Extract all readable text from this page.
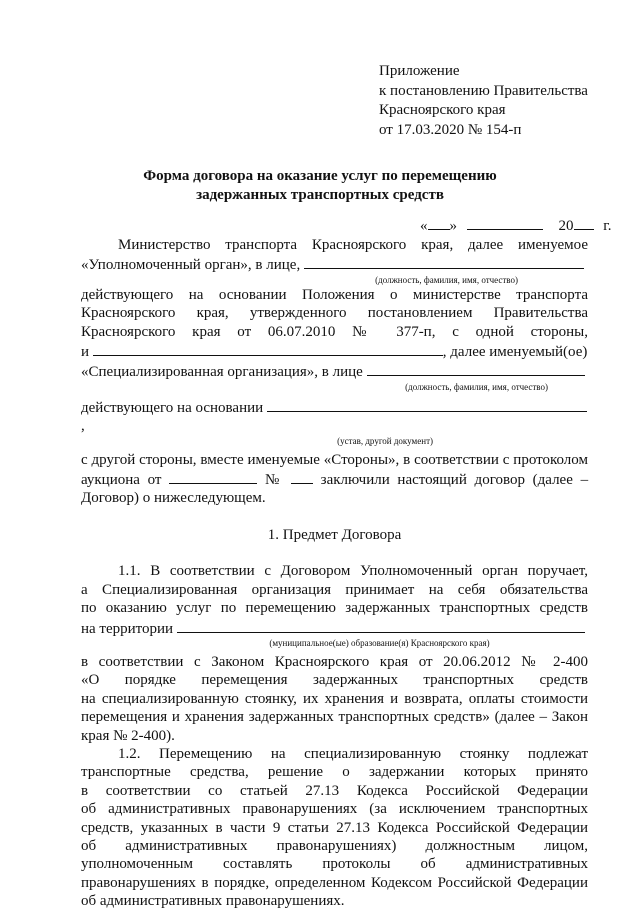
Приложение
к постановлению Правительства
Красноярского края
от 17.03.2020 № 154-п
Форма договора на оказание услуг по перемещению
задержанных транспортных средств
« »	20 г.
Министерство транспорта Красноярского края, далее именуемое
«Уполномоченный орган», в лице,
(должность, фамилия, имя, отчество)
действующего на основании Положения о министерстве транспорта
Красноярского края, утвержденного постановлением Правительства
Красноярского края от 06.07.2010 № 377-п, с одной стороны,
и	, далее именуемый(ое)
«Специализированная организация», в лице
(должность, фамилия, имя, отчество)
действующего на основании ,
(устав, другой документ)
с другой стороны, вместе именуемые «Стороны», в соответствии с протоколом
аукциона от	№ заключили настоящий договор (далее –
Договор) о нижеследующем.
1. Предмет Договора
1.1. В соответствии с Договором Уполномоченный орган поручает,
а Специализированная организация принимает на себя обязательства
по оказанию услуг по перемещению задержанных транспортных средств
на территории
(муниципальное(ые) образование(я) Красноярского края)
в соответствии с Законом Красноярского края от 20.06.2012 № 2-400
«О порядке перемещения задержанных транспортных средств
на специализированную стоянку, их хранения и возврата, оплаты стоимости
перемещения и хранения задержанных транспортных средств» (далее – Закон
края № 2-400).
1.2. Перемещению на специализированную стоянку подлежат
транспортные средства, решение о задержании которых принято
в соответствии со статьей 27.13 Кодекса Российской Федерации
об административных правонарушениях (за исключением транспортных
средств, указанных в части 9 статьи 27.13 Кодекса Российской Федерации
об административных правонарушениях) должностным лицом,
уполномоченным составлять протоколы об административных
правонарушениях в порядке, определенном Кодексом Российской Федерации
об административных правонарушениях.
